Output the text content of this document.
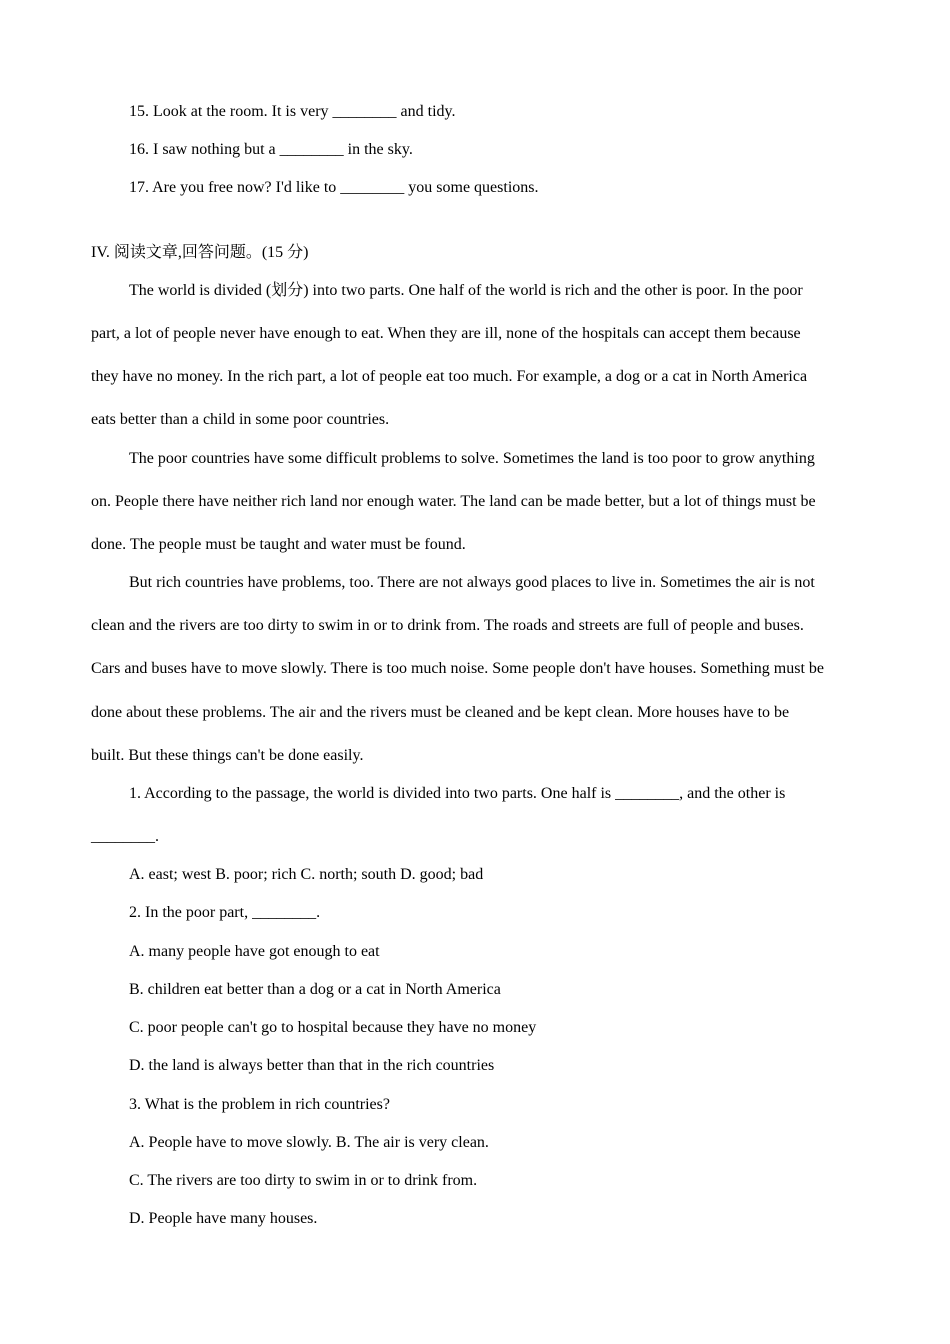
15. Look at the room. It is very ________ and tidy.
16. I saw nothing but a ________ in the sky.
17. Are you free now? I'd like to ________ you some questions.
IV. 阅读文章,回答问题。(15 分)
The world is divided (划分) into two parts. One half of the world is rich and the other is poor. In the poor
part, a lot of people never have enough to eat. When they are ill, none of the hospitals can accept them because
they have no money. In the rich part, a lot of people eat too much. For example, a dog or a cat in North America
eats better than a child in some poor countries.
The poor countries have some difficult problems to solve. Sometimes the land is too poor to grow anything
on. People there have neither rich land nor enough water. The land can be made better, but a lot of things must be
done. The people must be taught and water must be found.
But rich countries have problems, too. There are not always good places to live in. Sometimes the air is not
clean and the rivers are too dirty to swim in or to drink from. The roads and streets are full of people and buses.
Cars and buses have to move slowly. There is too much noise. Some people don't have houses. Something must be
done about these problems. The air and the rivers must be cleaned and be kept clean. More houses have to be
built. But these things can't be done easily.
1. According to the passage, the world is divided into two parts. One half is ________, and the other is
________.
A. east; west B. poor; rich C. north; south D. good; bad
2. In the poor part, ________.
A. many people have got enough to eat
B. children eat better than a dog or a cat in North America
C. poor people can't go to hospital because they have no money
D. the land is always better than that in the rich countries
3. What is the problem in rich countries?
A. People have to move slowly. B. The air is very clean.
C. The rivers are too dirty to swim in or to drink from.
D. People have many houses.
